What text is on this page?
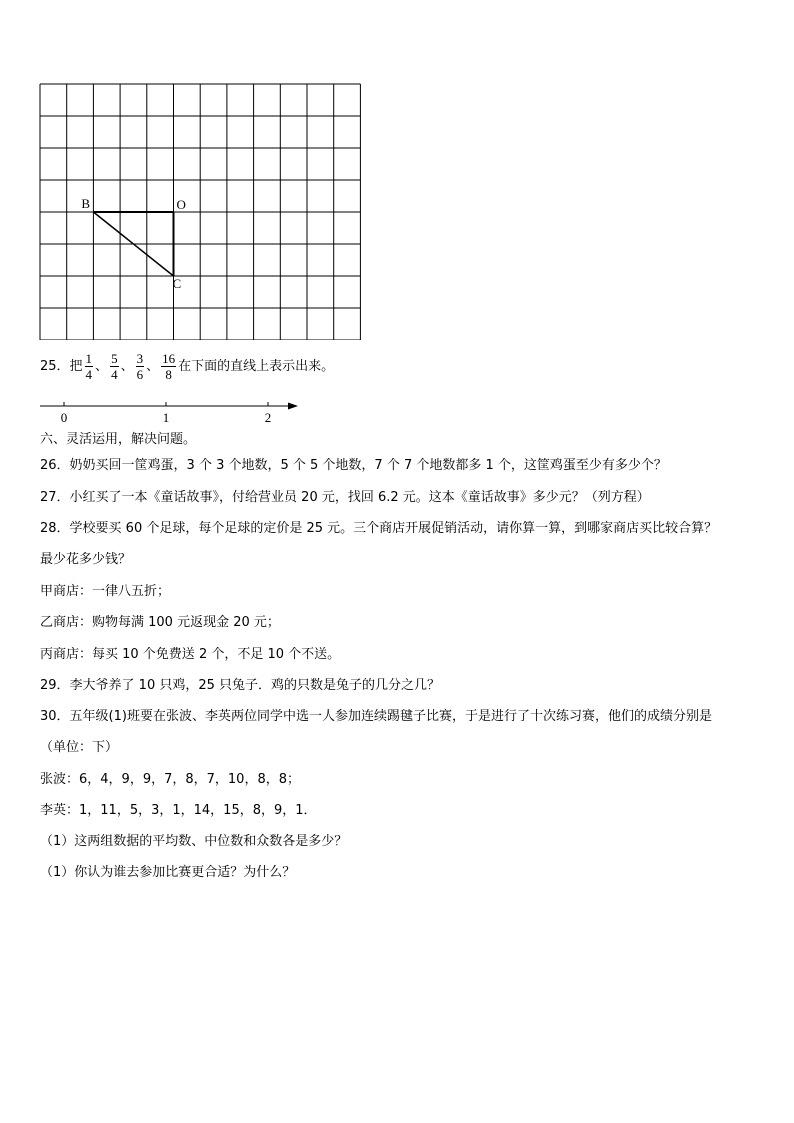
B	O
C
25．把 $\frac{1}{4}$ 、 $\frac{5}{4}$ 、 $\frac{3}{6}$ 、 $\frac{16}{8}$ 在下面的直线上表示出来。
0	1	2
六、灵活运用，解决问题。
26．奶奶买回一筐鸡蛋，3 个 3 个地数，5 个 5 个地数，7 个 7 个地数都多 1 个，这筐鸡蛋至少有多少个？
27．小红买了一本《童话故事》，付给营业员 20 元，找回 6.2 元。这本《童话故事》多少元？（列方程）
28．学校要买 60 个足球，每个足球的定价是 25 元。三个商店开展促销活动，请你算一算，到哪家商店买比较合算？
最少花多少钱？
甲商店：一律八五折；
乙商店：购物每满 100 元返现金 20 元；
丙商店：每买 10 个免费送 2 个，不足 10 个不送。
29．李大爷养了 10 只鸡，25 只兔子．鸡的只数是兔子的几分之几？
30．五年级(1)班要在张波、李英两位同学中选一人参加连续踢毽子比赛，于是进行了十次练习赛，他们的成绩分别是
（单位：下）
张波：6，4，9，9，7，8，7，10，8，8；
李英：1，11，5，3，1，14，15，8，9，1．
（1）这两组数据的平均数、中位数和众数各是多少？
（1）你认为谁去参加比赛更合适？为什么？
